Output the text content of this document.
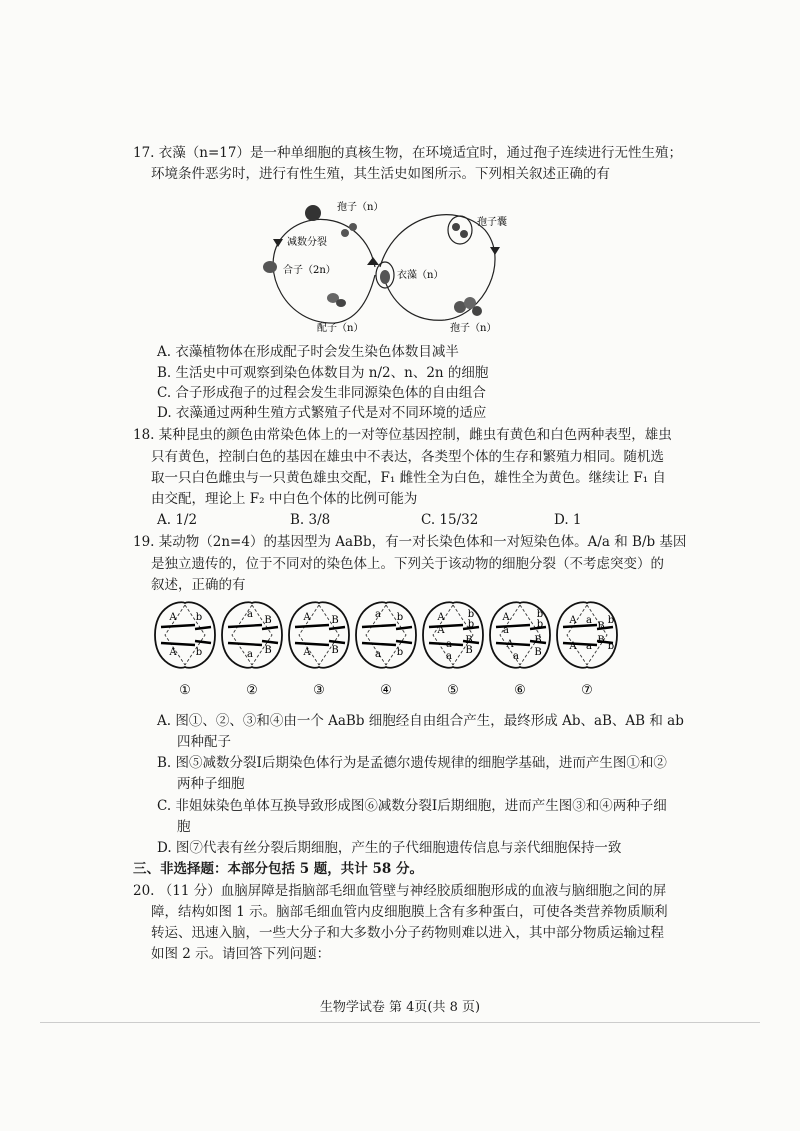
17. 衣藻（n=17）是一种单细胞的真核生物，在环境适宜时，通过孢子连续进行无性生殖；
环境条件恶劣时，进行有性生殖，其生活史如图所示。下列相关叙述正确的有
孢子（n）
减数分裂
合子（2n）
孢子囊
衣藻（n）
配子（n）	孢子（n）
A. 衣藻植物体在形成配子时会发生染色体数目减半
B. 生活史中可观察到染色体数目为 n/2、n、2n 的细胞
C. 合子形成孢子的过程会发生非同源染色体的自由组合
D. 衣藻通过两种生殖方式繁殖子代是对不同环境的适应
18. 某种昆虫的颜色由常染色体上的一对等位基因控制，雌虫有黄色和白色两种表型，雄虫
只有黄色，控制白色的基因在雄虫中不表达，各类型个体的生存和繁殖力相同。随机选
取一只白色雌虫与一只黄色雄虫交配，F₁ 雌性全为白色，雄性全为黄色。继续让 F₁ 自
由交配，理论上 F₂ 中白色个体的比例可能为
A. 1/2	B. 3/8	C. 15/32	D. 1
19. 某动物（2n=4）的基因型为 AaBb，有一对长染色体和一对短染色体。A/a 和 B/b 基因
是独立遗传的，位于不同对的染色体上。下列关于该动物的细胞分裂（不考虑突变）的
叙述，正确的有
A b
A b
①
a
B
a B
②
A B
A B
③
a b
a b
④
A
A
b
b
a B
B
a
⑤
A
a
b
b
A
a
B
B
⑥
A a
B
b
A a
B
b
⑦
A. 图①、②、③和④由一个 AaBb 细胞经自由组合产生，最终形成 Ab、aB、AB 和 ab
四种配子
B. 图⑤减数分裂I后期染色体行为是孟德尔遗传规律的细胞学基础，进而产生图①和②
两种子细胞
C. 非姐妹染色单体互换导致形成图⑥减数分裂I后期细胞，进而产生图③和④两种子细
胞
D. 图⑦代表有丝分裂后期细胞，产生的子代细胞遗传信息与亲代细胞保持一致
三、非选择题：本部分包括 5 题，共计 58 分。
20. （11 分）血脑屏障是指脑部毛细血管壁与神经胶质细胞形成的血液与脑细胞之间的屏
障，结构如图 1 示。脑部毛细血管内皮细胞膜上含有多种蛋白，可使各类营养物质顺利
转运、迅速入脑，一些大分子和大多数小分子药物则难以进入，其中部分物质运输过程
如图 2 示。请回答下列问题：
生物学试卷 第 4页(共 8 页)
